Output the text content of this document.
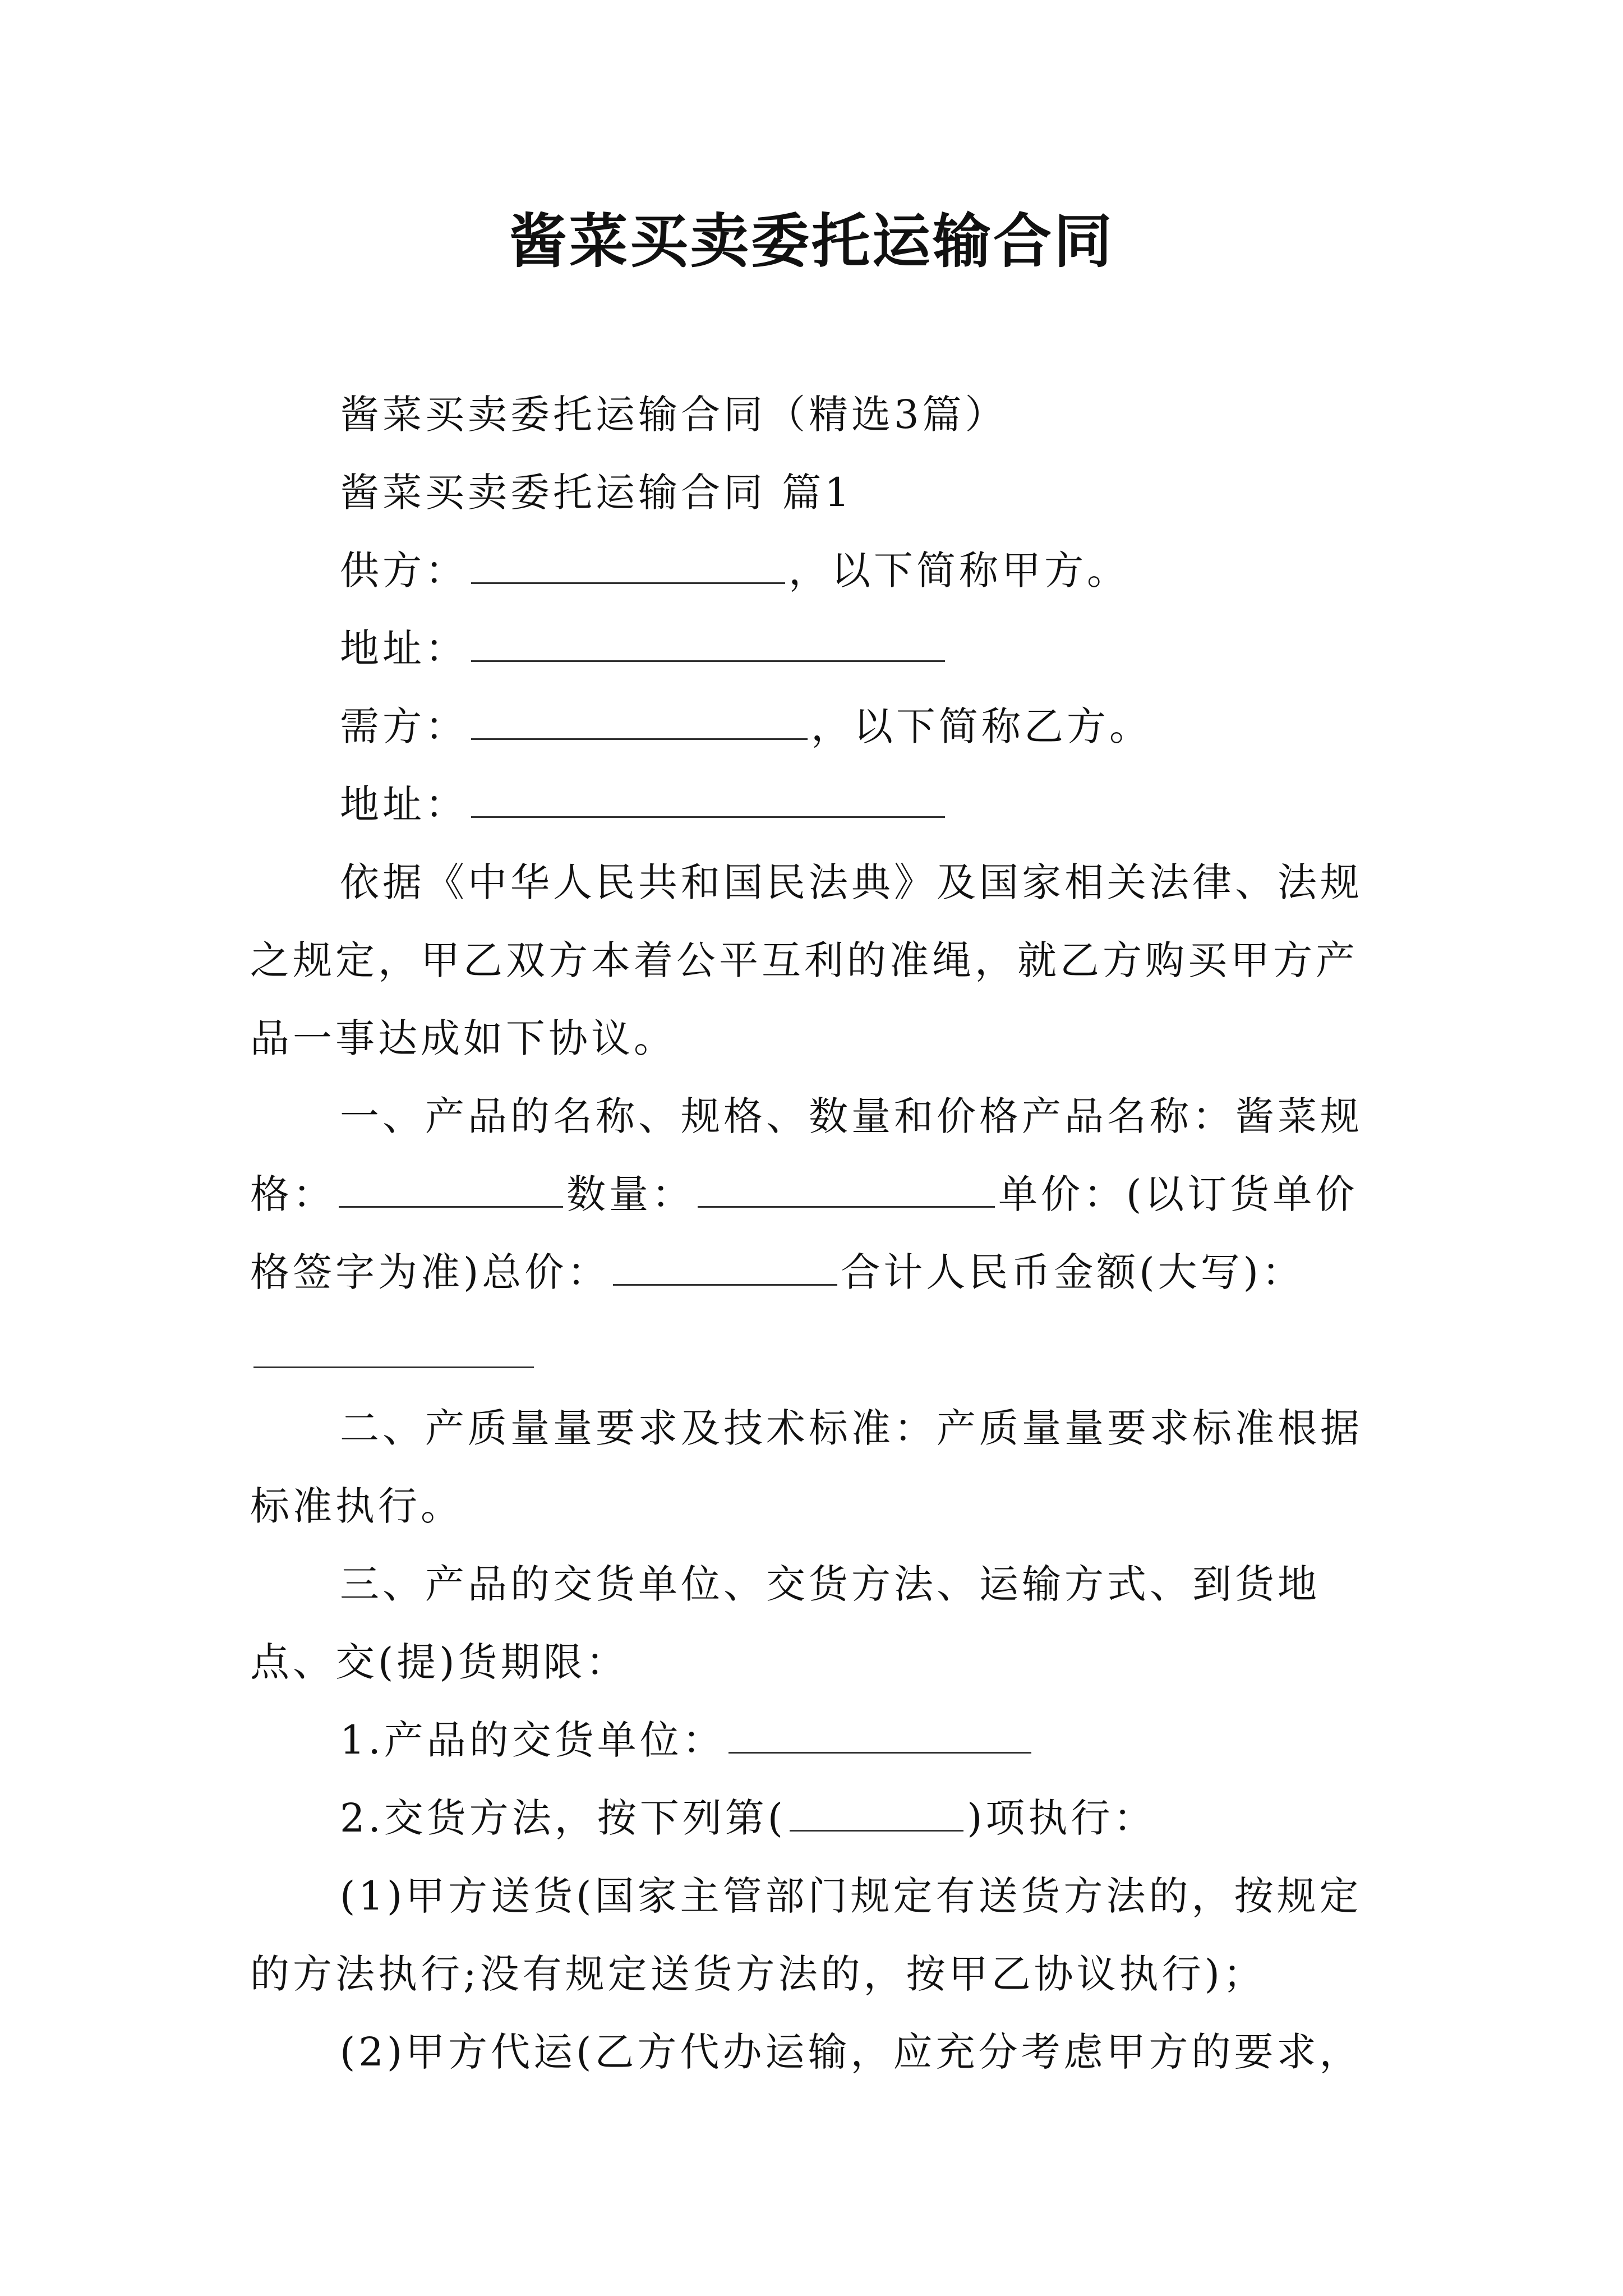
酱菜买卖委托运输合同

酱菜买卖委托运输合同（精选3篇）

酱菜买卖委托运输合同 篇1

供方：	，以下简称甲方。

地址：

需方：	，以下简称乙方。

地址：

依据《中华人民共和国民法典》及国家相关法律、法规之规定，甲乙双方本着公平互利的准绳，就乙方购买甲方产品一事达成如下协议。

一、产品的名称、规格、数量和价格产品名称：酱菜规格：	数量：	单价：(以订货单价格签字为准)总价：	合计人民币金额(大写)：

二、产质量量要求及技术标准：产质量量要求标准根据标准执行。

三、产品的交货单位、交货方法、运输方式、到货地点、交(提)货期限：

1.产品的交货单位：

2.交货方法，按下列第(	)项执行：

(1)甲方送货(国家主管部门规定有送货方法的，按规定的方法执行;没有规定送货方法的，按甲乙协议执行)；

(2)甲方代运(乙方代办运输，应充分考虑甲方的要求，
